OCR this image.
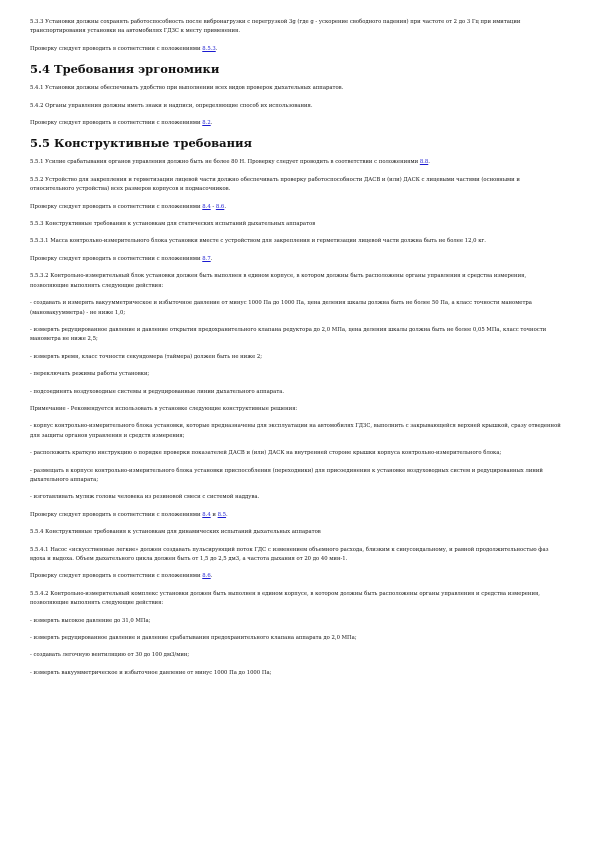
5.3.3 Установки должны сохранять работоспособность после вибронагрузки с перегрузкой 3g (где g - ускорение свободного падения) при частоте от 2 до 3 Гц при имитации транспортирования установки на автомобилях ГДЗС к месту применения.

Проверку следует проводить в соответствии с положениями 8.5.3.

5.4 Требования эргономики

5.4.1 Установки должны обеспечивать удобство при выполнении всех видов проверок дыхательных аппаратов.

5.4.2 Органы управления должны иметь знаки и надписи, определяющие способ их использования.

Проверку следует проводить в соответствии с положениями 8.2.

5.5 Конструктивные требования

5.5.1 Усилие срабатывания органов управления должно быть не более 80 Н. Проверку следует проводить в соответствии с положениями 8.8.

5.5.2 Устройство для закрепления и герметизации лицевой части должно обеспечивать проверку работоспособности ДАСВ и (или) ДАСК с лицевыми частями (основными и относительного устройства) всех размеров корпусов и подмасочников.

Проверку следует проводить в соответствии с положениями 8.4 - 8.6.

5.5.3 Конструктивные требования к установкам для статических испытаний дыхательных аппаратов

5.5.3.1 Масса контрольно-измерительного блока установки вместе с устройством для закрепления и герметизации лицевой части должна быть не более 12,0 кг.

Проверку следует проводить в соответствии с положениями 8.7.

5.5.3.2 Контрольно-измерительный блок установки должен быть выполнен в едином корпусе, в котором должны быть расположены органы управления и средства измерения, позволяющие выполнять следующие действия:

- создавать и измерять вакуумметрическое и избыточное давление от минус 1000 Па до 1000 Па, цена деления шкалы должна быть не более 50 Па, а класс точности манометра (мановакуумметра) - не ниже 1,0;

- измерять редуцированное давление и давление открытия предохранительного клапана редуктора до 2,0 МПа, цена деления шкалы должна быть не более 0,05 МПа, класс точности манометра не ниже 2,5;

- измерять время, класс точности секундомера (таймера) должен быть не ниже 2;

- переключать режимы работы установки;

- подсоединять воздуховодные системы и редуцированные линии дыхательного аппарата.

Примечание - Рекомендуется использовать в установке следующие конструктивные решения:

- корпус контрольно-измерительного блока установки, которые предназначены для эксплуатации на автомобилях ГДЗС, выполнить с закрывающейся верхней крышкой, сразу отведенной для защиты органов управления и средств измерения;

- расположить краткую инструкцию о порядке проверки показателей ДАСВ и (или) ДАСК на внутренней стороне крышки корпуса контрольно-измерительного блока;

- размещать в корпусе контрольно-измерительного блока установки приспособления (переходники) для присоединения к установке воздуховодных систем и редуцированных линий дыхательного аппарата;

- изготавливать муляж головы человека из резиновой смеси с системой наддува.

Проверку следует проводить в соответствии с положениями 8.4 и 8.5.

5.5.4 Конструктивные требования к установкам для динамических испытаний дыхательных аппаратов

5.5.4.1 Насос «искусственные легкие» должен создавать пульсирующий поток ГДС с изменением объемного расхода, близким к синусоидальному, и равной продолжительностью фаз вдоха и выдоха. Объем дыхательного цикла должен быть от 1,5 до 2,5 дм3, а частота дыхания от 20 до 40 мин-1.

Проверку следует проводить в соответствии с положениями 8.6.

5.5.4.2 Контрольно-измерительный комплекс установки должен быть выполнен в едином корпусе, в котором должны быть расположены органы управления и средства измерения, позволяющие выполнять следующие действия:

- измерять высокое давление до 31,0 МПа;

- измерять редуцированное давление и давление срабатывания предохранительного клапана аппарата до 2,0 МПа;

- создавать легочную вентиляцию от 30 до 100 дм3/мин;

- измерять вакуумметрическое и избыточное давление от минус 1000 Па до 1000 Па;
